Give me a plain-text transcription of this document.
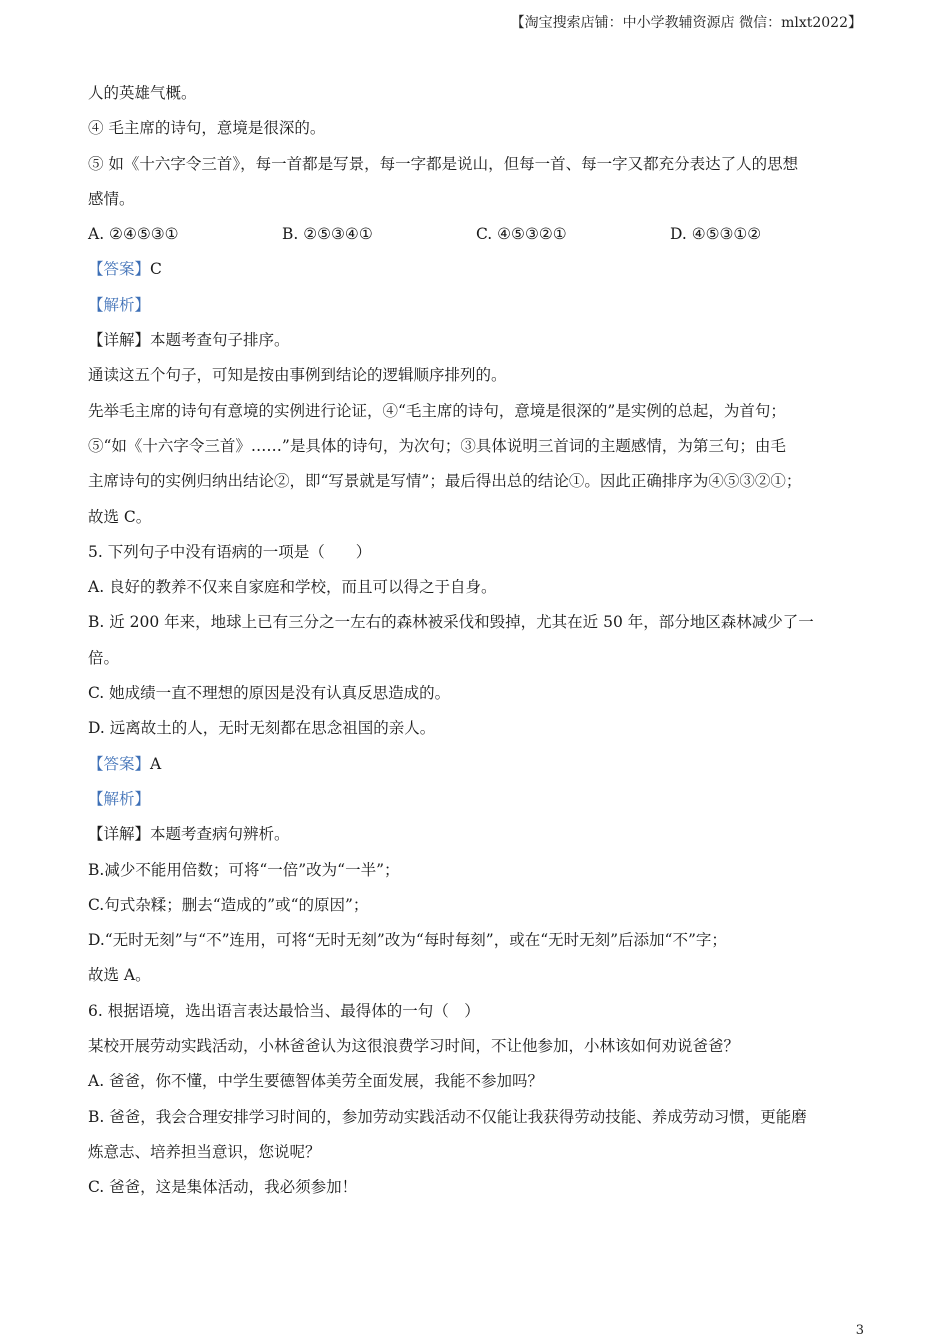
【淘宝搜索店铺：中小学教辅资源店 微信：mlxt2022】
人的英雄气概。
④ 毛主席的诗句，意境是很深的。
⑤ 如《十六字令三首》，每一首都是写景，每一字都是说山，但每一首、每一字又都充分表达了人的思想
感情。
A. ②④⑤③①	B. ②⑤③④①	C. ④⑤③②①	D. ④⑤③①②
【答案】C
【解析】
【详解】本题考查句子排序。
通读这五个句子，可知是按由事例到结论的逻辑顺序排列的。
先举毛主席的诗句有意境的实例进行论证，④“毛主席的诗句，意境是很深的”是实例的总起，为首句；
⑤“如《十六字令三首》……”是具体的诗句，为次句；③具体说明三首词的主题感情，为第三句；由毛
主席诗句的实例归纳出结论②，即“写景就是写情”；最后得出总的结论①。因此正确排序为④⑤③②①；
故选 C。
5. 下列句子中没有语病的一项是（　　）
A. 良好的教养不仅来自家庭和学校，而且可以得之于自身。
B. 近 200 年来，地球上已有三分之一左右的森林被采伐和毁掉，尤其在近 50 年，部分地区森林减少了一
倍。
C. 她成绩一直不理想的原因是没有认真反思造成的。
D. 远离故土的人，无时无刻都在思念祖国的亲人。
【答案】A
【解析】
【详解】本题考查病句辨析。
B.减少不能用倍数；可将“一倍”改为“一半”；
C.句式杂糅；删去“造成的”或“的原因”；
D.“无时无刻”与“不”连用，可将“无时无刻”改为“每时每刻”，或在“无时无刻”后添加“不”字；
故选 A。
6. 根据语境，选出语言表达最恰当、最得体的一句（　）
某校开展劳动实践活动，小林爸爸认为这很浪费学习时间，不让他参加，小林该如何劝说爸爸？
A. 爸爸，你不懂，中学生要德智体美劳全面发展，我能不参加吗？
B. 爸爸，我会合理安排学习时间的，参加劳动实践活动不仅能让我获得劳动技能、养成劳动习惯，更能磨
炼意志、培养担当意识，您说呢？
C. 爸爸，这是集体活动，我必须参加！
3
